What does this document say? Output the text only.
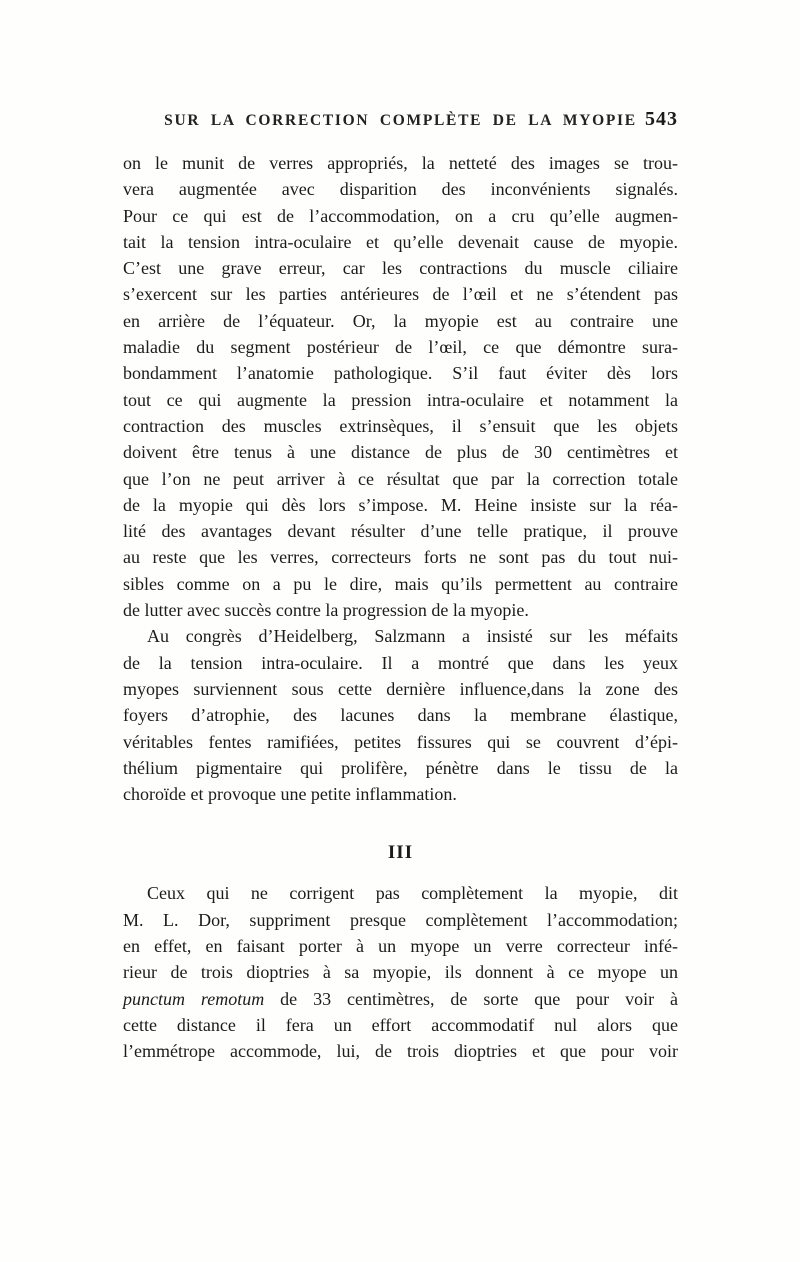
SUR LA CORRECTION COMPLÈTE DE LA MYOPIE 543
on le munit de verres appropriés, la netteté des images se trou-
vera augmentée avec disparition des inconvénients signalés.
Pour ce qui est de l’accommodation, on a cru qu’elle augmen-
tait la tension intra-oculaire et qu’elle devenait cause de myopie.
C’est une grave erreur, car les contractions du muscle ciliaire
s’exercent sur les parties antérieures de l’œil et ne s’étendent pas
en arrière de l’équateur. Or, la myopie est au contraire une
maladie du segment postérieur de l’œil, ce que démontre sura-
bondamment l’anatomie pathologique. S’il faut éviter dès lors
tout ce qui augmente la pression intra-oculaire et notamment la
contraction des muscles extrinsèques, il s’ensuit que les objets
doivent être tenus à une distance de plus de 30 centimètres et
que l’on ne peut arriver à ce résultat que par la correction totale
de la myopie qui dès lors s’impose. M. Heine insiste sur la réa-
lité des avantages devant résulter d’une telle pratique, il prouve
au reste que les verres, correcteurs forts ne sont pas du tout nui-
sibles comme on a pu le dire, mais qu’ils permettent au contraire
de lutter avec succès contre la progression de la myopie.
Au congrès d’Heidelberg, Salzmann a insisté sur les méfaits
de la tension intra-oculaire. Il a montré que dans les yeux
myopes surviennent sous cette dernière influence,dans la zone des
foyers d’atrophie, des lacunes dans la membrane élastique,
véritables fentes ramifiées, petites fissures qui se couvrent d’épi-
thélium pigmentaire qui prolifère, pénètre dans le tissu de la
choroïde et provoque une petite inflammation.
III
Ceux qui ne corrigent pas complètement la myopie, dit
M. L. Dor, suppriment presque complètement l’accommodation;
en effet, en faisant porter à un myope un verre correcteur infé-
rieur de trois dioptries à sa myopie, ils donnent à ce myope un
punctum remotum de 33 centimètres, de sorte que pour voir à
cette distance il fera un effort accommodatif nul alors que
l’emmétrope accommode, lui, de trois dioptries et que pour voir
